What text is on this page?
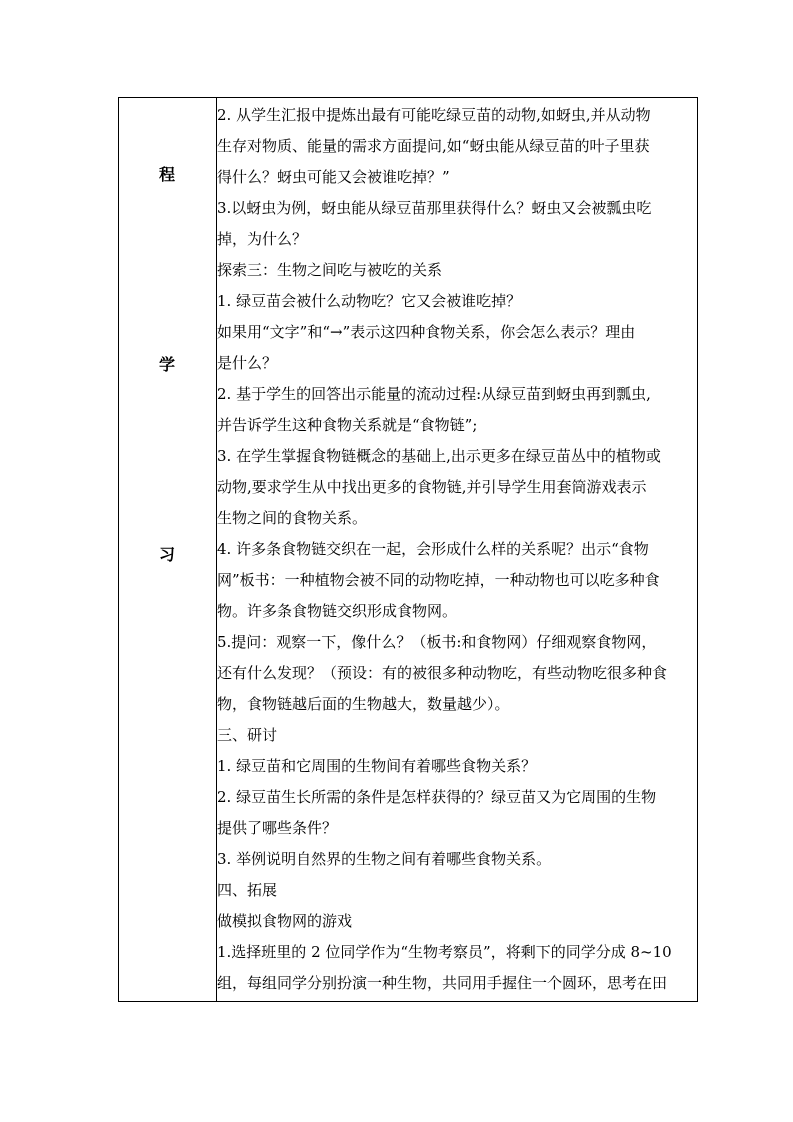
程
学
习
2. 从学生汇报中提炼出最有可能吃绿豆苗的动物,如蚜虫,并从动物
生存对物质、能量的需求方面提问,如“蚜虫能从绿豆苗的叶子里获
得什么？蚜虫可能又会被谁吃掉？”
3.以蚜虫为例，蚜虫能从绿豆苗那里获得什么？蚜虫又会被瓢虫吃
掉，为什么？
探索三：生物之间吃与被吃的关系
1. 绿豆苗会被什么动物吃？它又会被谁吃掉？
如果用“文字”和“→”表示这四种食物关系，你会怎么表示？理由
是什么？
2. 基于学生的回答出示能量的流动过程:从绿豆苗到蚜虫再到瓢虫,
并告诉学生这种食物关系就是“食物链”;
3. 在学生掌握食物链概念的基础上,出示更多在绿豆苗丛中的植物或
动物,要求学生从中找出更多的食物链,并引导学生用套筒游戏表示
生物之间的食物关系。
4. 许多条食物链交织在一起，会形成什么样的关系呢？出示“食物
网”板书：一种植物会被不同的动物吃掉，一种动物也可以吃多种食
物。许多条食物链交织形成食物网。
5.提问：观察一下，像什么？（板书:和食物网）仔细观察食物网，
还有什么发现？（预设：有的被很多种动物吃，有些动物吃很多种食
物，食物链越后面的生物越大，数量越少）。
三、研讨
1. 绿豆苗和它周围的生物间有着哪些食物关系？
2. 绿豆苗生长所需的条件是怎样获得的？绿豆苗又为它周围的生物
提供了哪些条件？
3. 举例说明自然界的生物之间有着哪些食物关系。
四、拓展
做模拟食物网的游戏
1.选择班里的 2 位同学作为“生物考察员”，将剩下的同学分成 8~10
组，每组同学分别扮演一种生物，共同用手握住一个圆环，思考在田
